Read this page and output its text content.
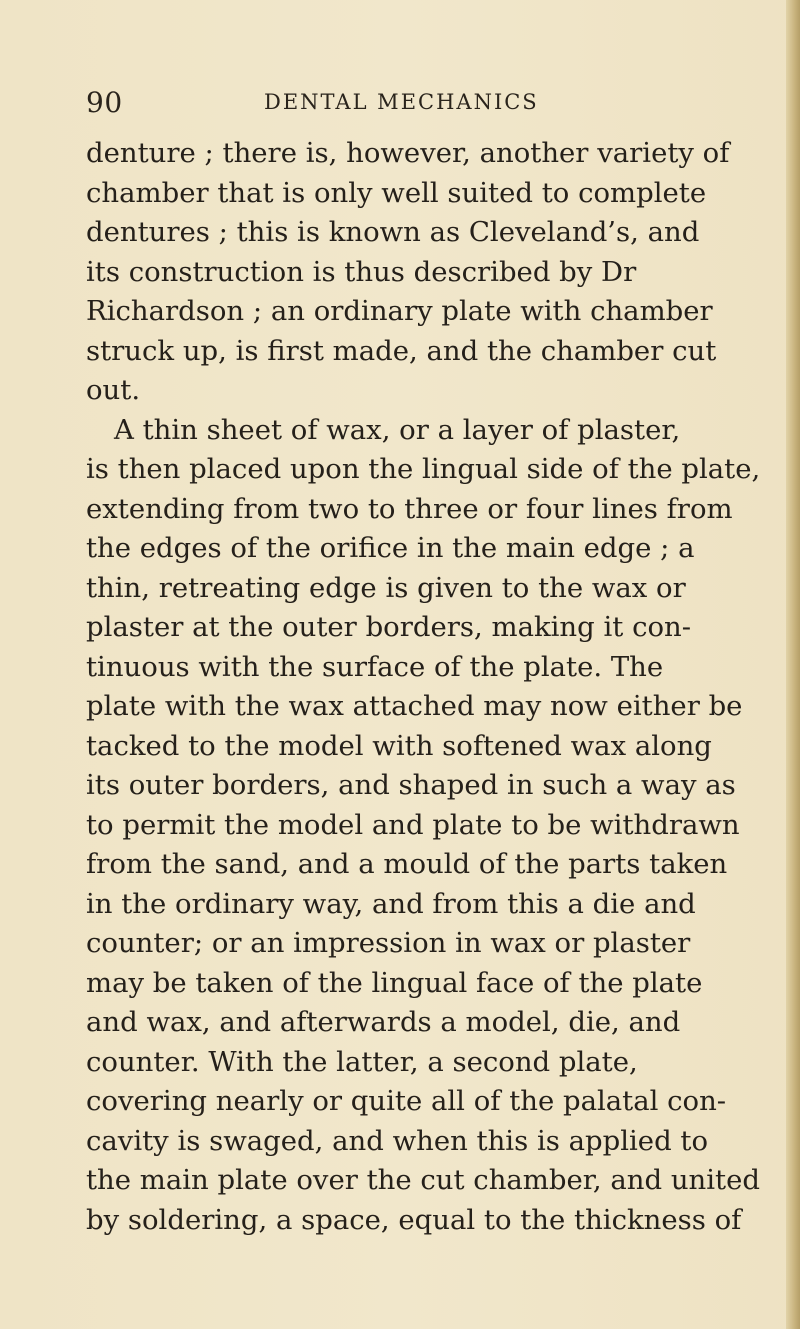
90	DENTAL MECHANICS
denture ; there is, however, another variety of
chamber that is only well suited to complete
dentures ; this is known as Cleveland’s, and
its construction is thus described by Dr
Richardson ; an ordinary plate with chamber
struck up, is first made, and the chamber cut
out.
A thin sheet of wax, or a layer of plaster,
is then placed upon the lingual side of the plate,
extending from two to three or four lines from
the edges of the orifice in the main edge ; a
thin, retreating edge is given to the wax or
plaster at the outer borders, making it con-
tinuous with the surface of the plate. The
plate with the wax attached may now either be
tacked to the model with softened wax along
its outer borders, and shaped in such a way as
to permit the model and plate to be withdrawn
from the sand, and a mould of the parts taken
in the ordinary way, and from this a die and
counter; or an impression in wax or plaster
may be taken of the lingual face of the plate
and wax, and afterwards a model, die, and
counter. With the latter, a second plate,
covering nearly or quite all of the palatal con-
cavity is swaged, and when this is applied to
the main plate over the cut chamber, and united
by soldering, a space, equal to the thickness of
